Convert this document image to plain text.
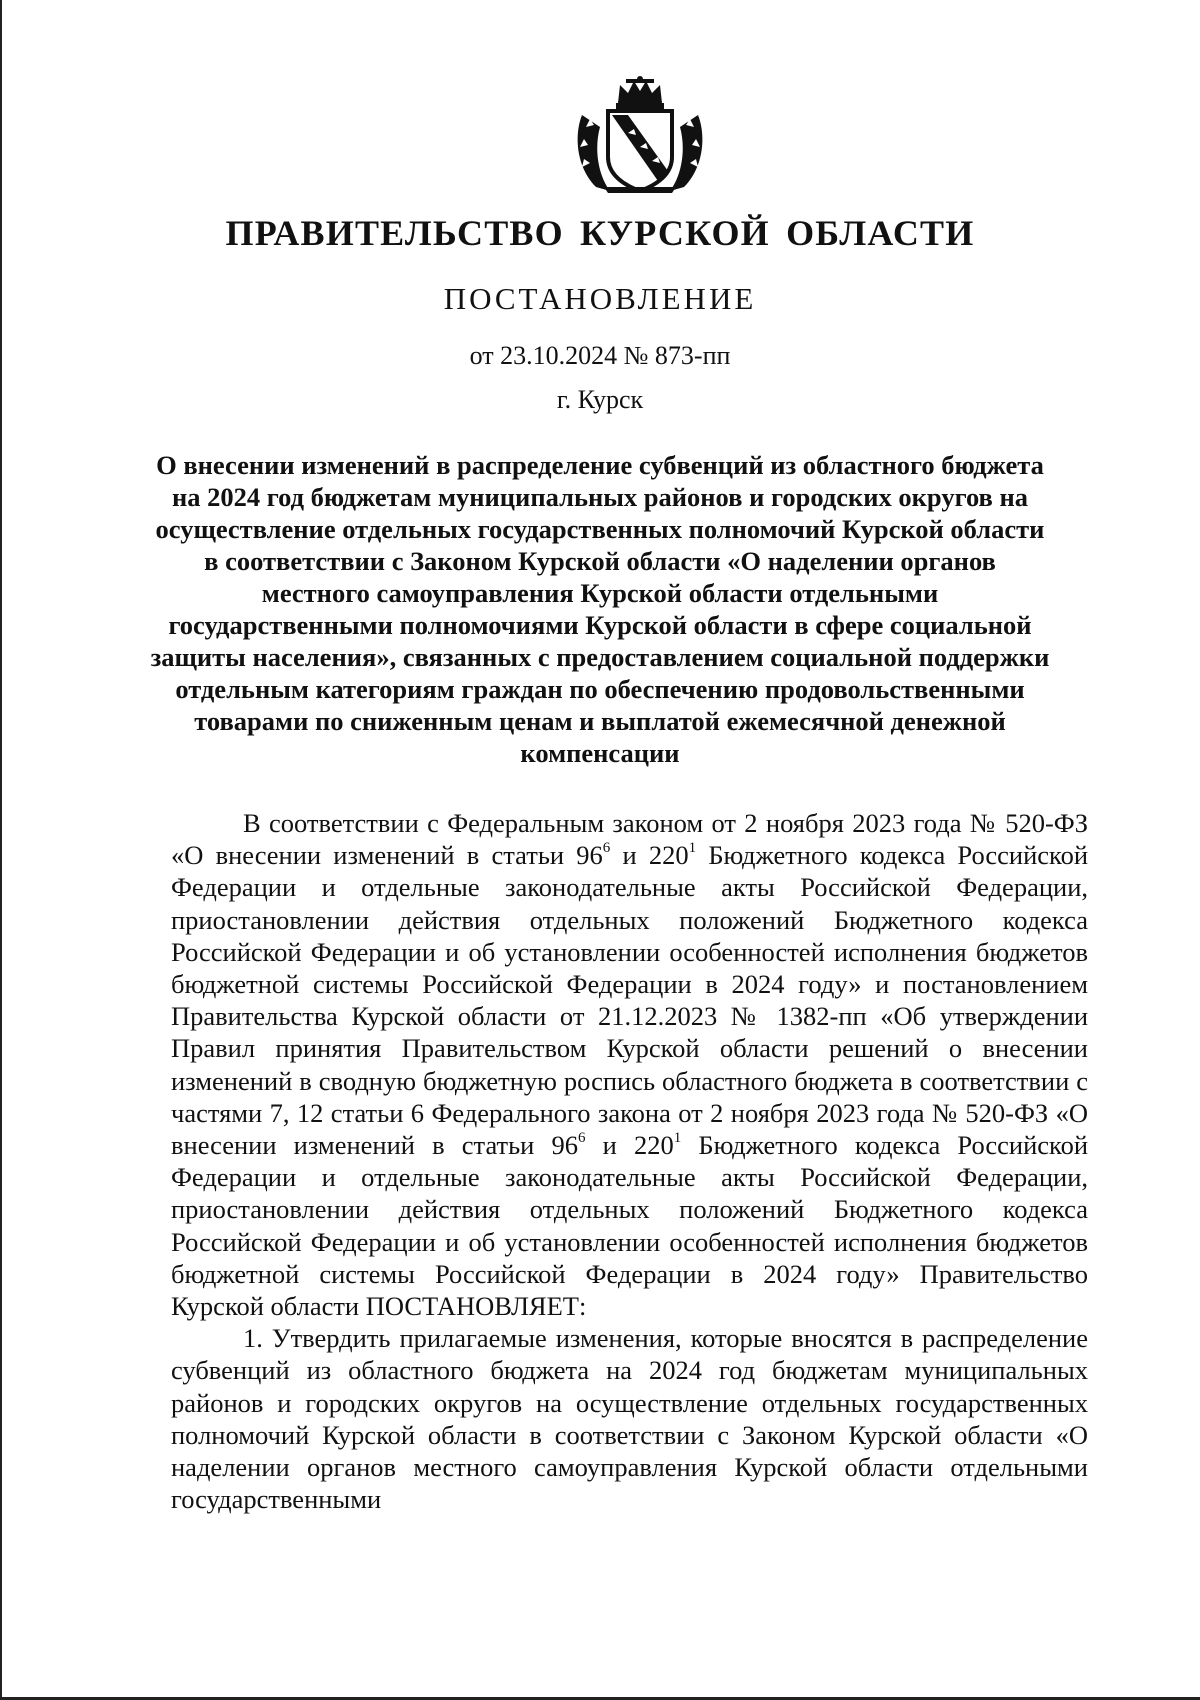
ПРАВИТЕЛЬСТВО КУРСКОЙ ОБЛАСТИ
ПОСТАНОВЛЕНИЕ
от 23.10.2024 № 873-пп
г. Курск
О внесении изменений в распределение субвенций из областного бюджета на 2024 год бюджетам муниципальных районов и городских округов на осуществление отдельных государственных полномочий Курской области в соответствии с Законом Курской области «О наделении органов местного самоуправления Курской области отдельными государственными полномочиями Курской области в сфере социальной защиты населения», связанных с предоставлением социальной поддержки отдельным категориям граждан по обеспечению продовольственными товарами по сниженным ценам и выплатой ежемесячной денежной компенсации

В соответствии с Федеральным законом от 2 ноября 2023 года № 520-ФЗ «О внесении изменений в статьи $96^6$ и $220^1$ Бюджетного кодекса Российской Федерации и отдельные законодательные акты Российской Федерации, приостановлении действия отдельных положений Бюджетного кодекса Российской Федерации и об установлении особенностей исполнения бюджетов бюджетной системы Российской Федерации в 2024 году» и постановлением Правительства Курской области от 21.12.2023 № 1382-пп «Об утверждении Правил принятия Правительством Курской области решений о внесении изменений в сводную бюджетную роспись областного бюджета в соответствии с частями 7, 12 статьи 6 Федерального закона от 2 ноября 2023 года № 520-ФЗ «О внесении изменений в статьи $96^6$ и $220^1$ Бюджетного кодекса Российской Федерации и отдельные законодательные акты Российской Федерации, приостановлении действия отдельных положений Бюджетного кодекса Российской Федерации и об установлении особенностей исполнения бюджетов бюджетной системы Российской Федерации в 2024 году» Правительство Курской области ПОСТАНОВЛЯЕТ:

1. Утвердить прилагаемые изменения, которые вносятся в распределение субвенций из областного бюджета на 2024 год бюджетам муниципальных районов и городских округов на осуществление отдельных государственных полномочий Курской области в соответствии с Законом Курской области «О наделении органов местного самоуправления Курской области отдельными государственными
